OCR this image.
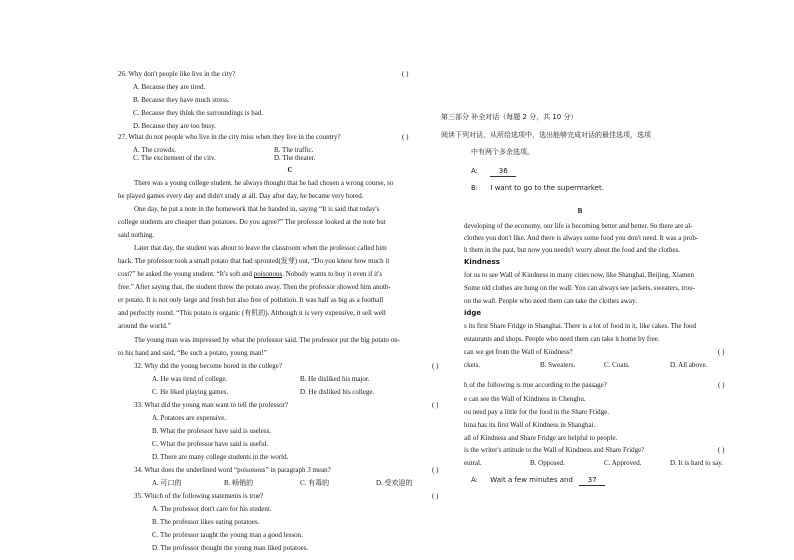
26. Why don't people like live in the city?
A. Because they are tired.
B. Because they have much stress.
C. Because they think the surroundings is bad.
D. Because they are too busy.
27. What do not people who live in the city miss when they live in the country?
A. The crowds.	B. The traffic.
C. The excitement of the city.	D. The theater.
C
There was a young college student, he always thought that he had chosen a wrong course, so
he played games every day and didn't study at all. Day after day, he became very bored.
One day, he put a note in the homework that he handed in, saying “It is said that today's
college students are cheaper than potatoes. Do you agree?” The professor looked at the note but
said nothing.
Later that day, the student was about to leave the classroom when the professor called him
back. The professor took a small potato that had sprouted(发芽) out, “Do you know how much it
free.” After saying that, the student threw the potato away. Then the professor showed him anoth-
er potato. It is not only large and fresh but also free of pollution. It was half as big as a football
and perfectly round. “This potato is organic (有机的). Although it is very expensive, it sell well
around the world.”
The young man was impressed by what the professor said. The professor put the big potato on-
to his hand and said, “Be such a potato, young man!”
cost?” he asked the young student. “It's soft and poisonous. Nobody wants to buy it even if it's
32. Why did the young become bored in the college?
A. He was tired of college.	B. He disliked his major.
C. He liked playing games.	D. He disliked his college.
33. What did the young man want to tell the professor?
A. Potatoes are expensive.
B. What the professor have said is useless.
C. What the professor have said is useful.
D. There are many college students in the world.
34. What does the underlined word “poisonous” in paragraph 3 mean?
A. 可口的	B. 畅销的	C. 有毒的	D. 受欢迎的
35. Which of the following statements is true?
A. The professor don't care for his student.
B. The professor likes eating potatoes.
C. The professor taught the young man a good lesson.
D. The professor thought the young man liked potatoes.
( )
( )
( )
( )
( )
( )
( )
( )
( )
第三部分 补全对话（每题 2 分，共 10 分）
阅读下列对话，从所给选项中，选出能够完成对话的最佳选项，选项
中有两个多余选项。
A:	36
B: I want to go to the supermarket.
B
developing of the economy, our life is becoming better and better. So there are al-
clothes you don't like. And there is always some food you don't need. It was a prob-
h them in the past, but now you needn't worry about the food and the clothes.
for us to see Wall of Kindness in many cities now, like Shanghai, Beijing, Xiamen
Some old clothes are hung on the wall. You can always see jackets, sweaters, trou-
on the wall. People who need them can take the clothes away.
s its first Share Fridge in Shanghai. There is a lot of food in it, like cakes. The food
estaurants and shops. People who need them can take it home by free.
can we get from the Wall of Kindness?
ckets.	B. Sweaters.	C. Coats.	D. All above.
h of the following is true according to the passage?
e can see the Wall of Kindness in Chenghu.
ou need pay a little for the food in the Share Fridge.
hina has its first Wall of Kindness in Shanghai.
all of Kindness and Share Fridge are helpful to people.
is the writer's attitude to the Wall of Kindness and Share Fridge?
eutral.	B. Opposed.	C. Approved.	D. It is hard to say.
Kindness
idge
A: Wait a few minutes and 37
